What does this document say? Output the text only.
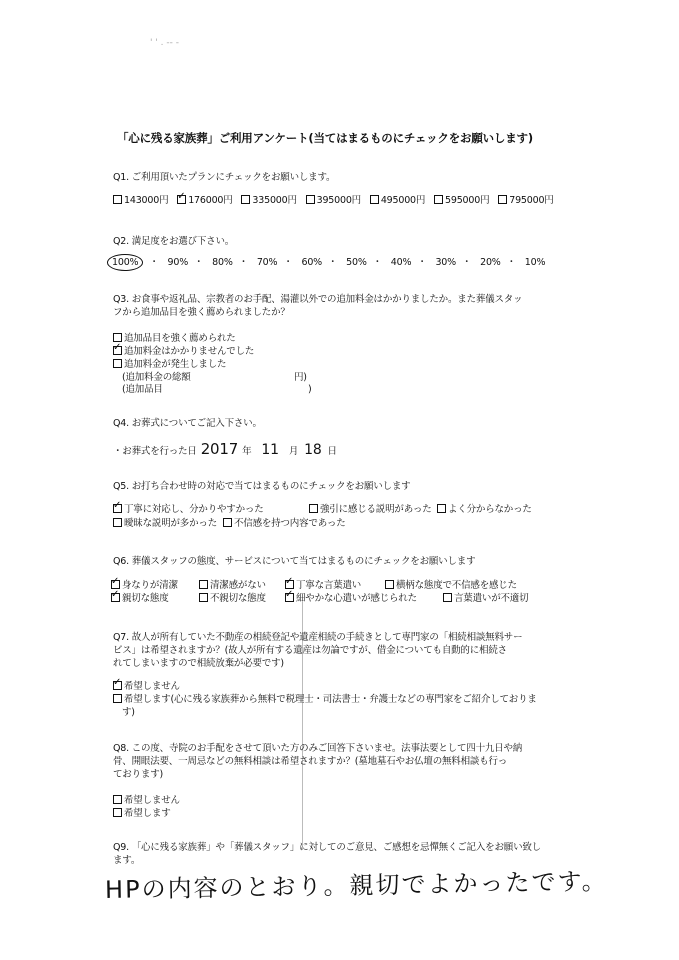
' ' . -- -
「心に残る家族葬」ご利用アンケート(当てはまるものにチェックをお願いします)
Q1. ご利用頂いたプランにチェックをお願いします。
143000円 ✓ 176000円 335000円 395000円 495000円 595000円 795000円
Q2. 満足度をお選び下さい。
100% ・ 90% ・ 80% ・ 70% ・ 60% ・ 50% ・ 40% ・ 30% ・ 20% ・ 10%
Q3. お食事や返礼品、宗教者のお手配、湯灌以外での追加料金はかかりましたか。また葬儀スタッ
フから追加品目を強く薦められましたか？
追加品目を強く薦められた
✓追加料金はかかりませんでした
追加料金が発生しました
(追加料金の総額	円)
(追加品目	)
Q4. お葬式についてご記入下さい。
・お葬式を行った日 2017 年 11 月 18 日
Q5. お打ち合わせ時の対応で当てはまるものにチェックをお願いします
✓丁寧に対応し、分かりやすかった	強引に感じる説明があった よく分からなかった
曖昧な説明が多かった 不信感を持つ内容であった
Q6. 葬儀スタッフの態度、サービスについて当てはまるものにチェックをお願いします
✓身なりが清潔	清潔感がない ✓	丁寧な言葉遣い	横柄な態度で不信感を感じた
✓親切な態度	不親切な態度 ✓	細やかな心遣いが感じられた	言葉遣いが不適切
Q7. 故人が所有していた不動産の相続登記や遺産相続の手続きとして専門家の「相続相談無料サー
ビス」は希望されますか？(故人が所有する遺産は勿論ですが、借金についても自動的に相続さ
れてしまいますので相続放棄が必要です)
✓希望しません
希望します(心に残る家族葬から無料で税理士・司法書士・弁護士などの専門家をご紹介しておりま
す)
Q8. この度、寺院のお手配をさせて頂いた方のみご回答下さいませ。法事法要として四十九日や納
骨、開眼法要、一周忌などの無料相談は希望されますか？(墓地墓石やお仏壇の無料相談も行っ
ております)
希望しません
希望します
Q9. 「心に残る家族葬」や「葬儀スタッフ」に対してのご意見、ご感想を忌憚無くご記入をお願い致し
ます。
HPの内容のとおり。親切でよかったです。
